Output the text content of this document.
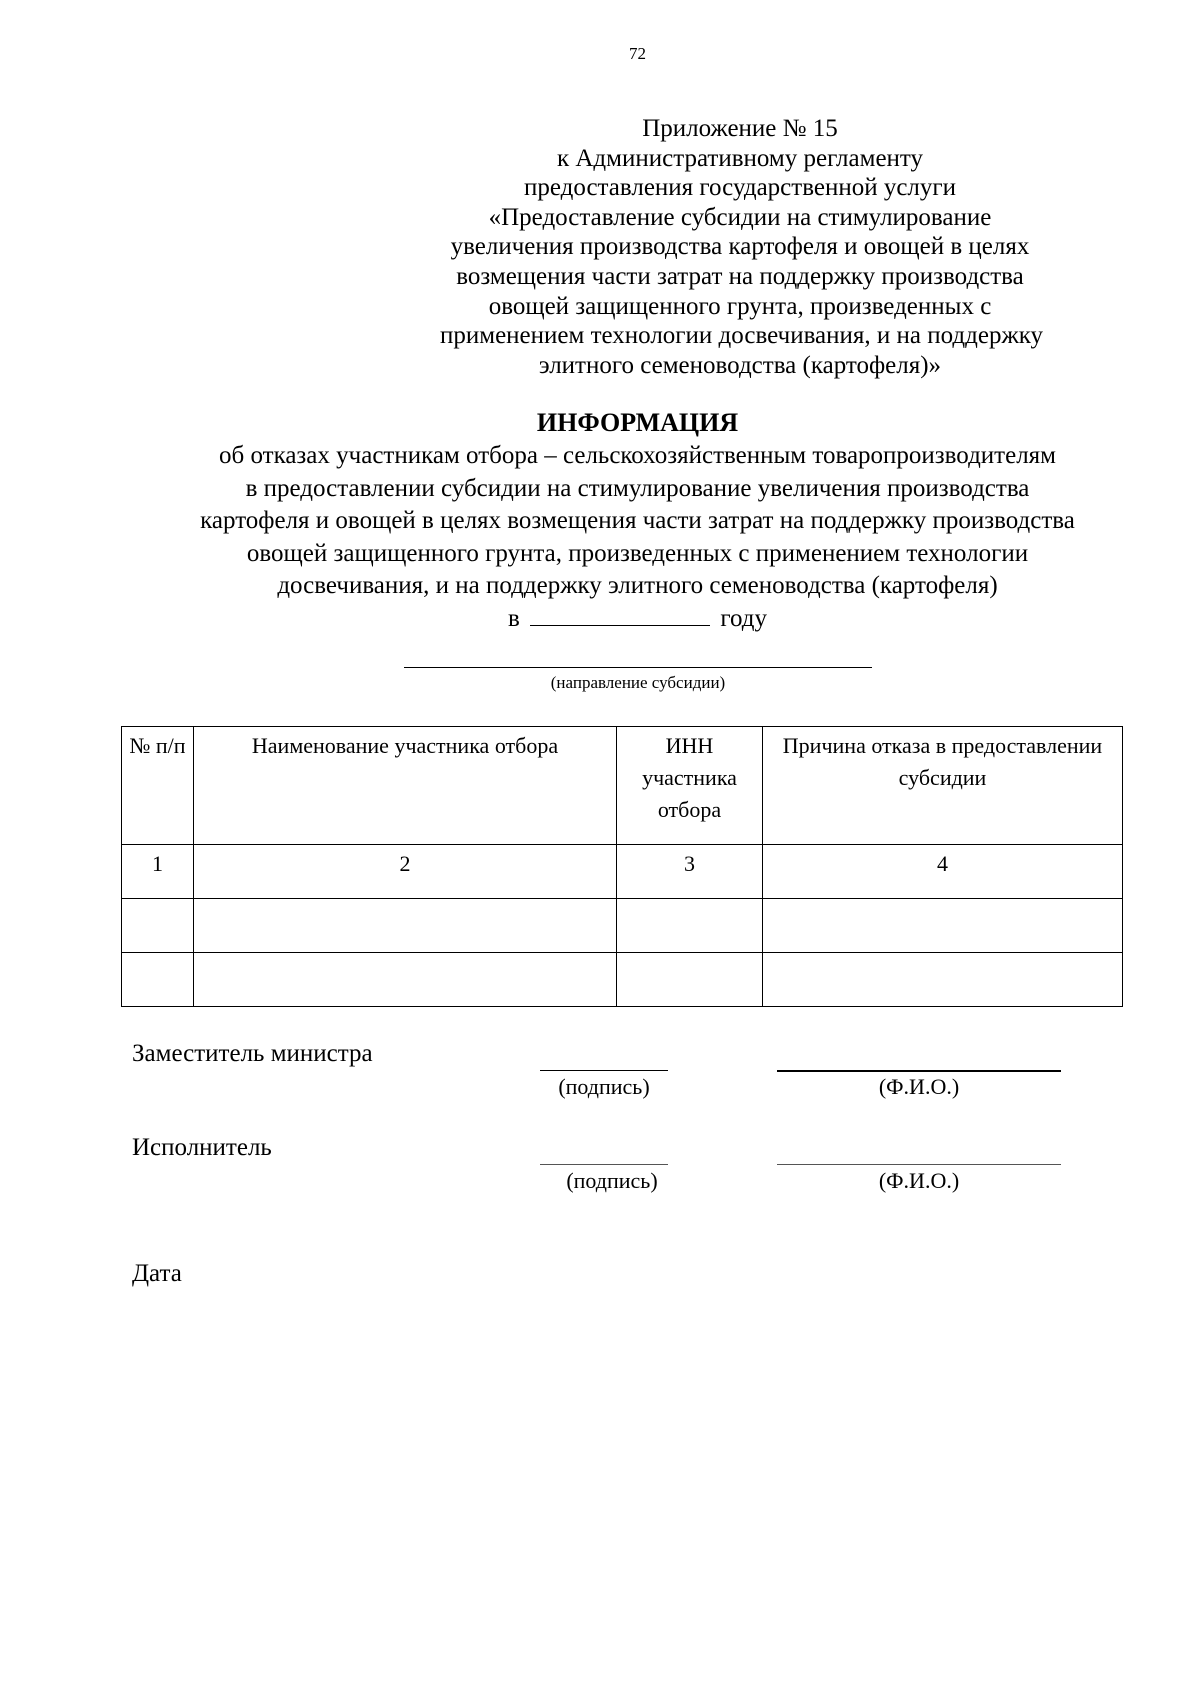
72
Приложение № 15
к Административному регламенту
предоставления государственной услуги
«Предоставление субсидии на стимулирование
увеличения производства картофеля и овощей в целях
возмещения части затрат на поддержку производства
овощей защищенного грунта, произведенных с
применением технологии досвечивания, и на поддержку
элитного семеноводства (картофеля)»
ИНФОРМАЦИЯ
об отказах участникам отбора – сельскохозяйственным товаропроизводителям
в предоставлении субсидии на стимулирование увеличения производства
картофеля и овощей в целях возмещения части затрат на поддержку производства
овощей защищенного грунта, произведенных с применением технологии
досвечивания, и на поддержку элитного семеноводства (картофеля)
в	году
(направление субсидии)
№ п/п	Наименование участника отбора	ИНН участника отбора	Причина отказа в предоставлении субсидии
1	2	3	4

Заместитель министра
(подпись)	(Ф.И.О.)
Исполнитель
(подпись)	(Ф.И.О.)
Дата
